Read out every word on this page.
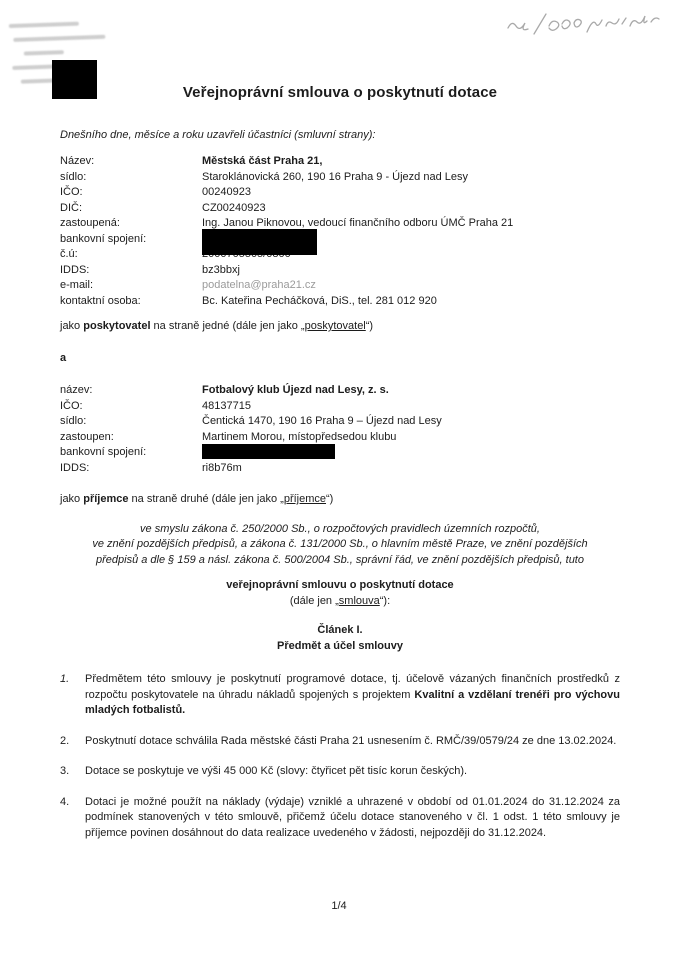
Veřejnoprávní smlouva o poskytnutí dotace
Dnešního dne, měsíce a roku uzavřeli účastníci (smluvní strany):
Název:	Městská část Praha 21,
sídlo:	Staroklánovická 260, 190 16 Praha 9 - Újezd nad Lesy
IČO:	00240923
DIČ:	CZ00240923
zastoupená:	Ing. Janou Piknovou, vedoucí finančního odboru ÚMČ Praha 21
bankovní spojení:
č.ú:
IDDS:	bz3bbxj
e-mail:	podatelna@praha21.cz
kontaktní osoba:	Bc. Kateřina Pecháčková, DiS., tel. 281 012 920
jako poskytovatel na straně jedné (dále jen jako „poskytovatel“)
a
název:	Fotbalový klub Újezd nad Lesy, z. s.
IČO:	48137715
sídlo:	Čentická 1470, 190 16 Praha 9 – Újezd nad Lesy
zastoupen:	Martinem Morou, místopředsedou klubu
bankovní spojení:
IDDS:	ri8b76m
jako příjemce na straně druhé (dále jen jako „příjemce“)
ve smyslu zákona č. 250/2000 Sb., o rozpočtových pravidlech územních rozpočtů,
ve znění pozdějších předpisů, a zákona č. 131/2000 Sb., o hlavním městě Praze, ve znění pozdějších
předpisů a dle § 159 a násl. zákona č. 500/2004 Sb., správní řád, ve znění pozdějších předpisů, tuto
veřejnoprávní smlouvu o poskytnutí dotace
(dále jen „smlouva“):
Článek I.
Předmět a účel smlouvy
1.	Předmětem této smlouvy je poskytnutí programové dotace, tj. účelově vázaných finančních prostředků z rozpočtu poskytovatele na úhradu nákladů spojených s projektem Kvalitní a vzdělaní trenéři pro výchovu mladých fotbalistů.
2.	Poskytnutí dotace schválila Rada městské části Praha 21 usnesením č. RMČ/39/0579/24 ze dne 13.02.2024.
3.	Dotace se poskytuje ve výši 45 000 Kč (slovy: čtyřicet pět tisíc korun českých).
4.	Dotaci je možné použít na náklady (výdaje) vzniklé a uhrazené v období od 01.01.2024 do 31.12.2024 za podmínek stanovených v této smlouvě, přičemž účelu dotace stanoveného v čl. 1 odst. 1 této smlouvy je příjemce povinen dosáhnout do data realizace uvedeného v žádosti, nejpozději do 31.12.2024.
1/4
